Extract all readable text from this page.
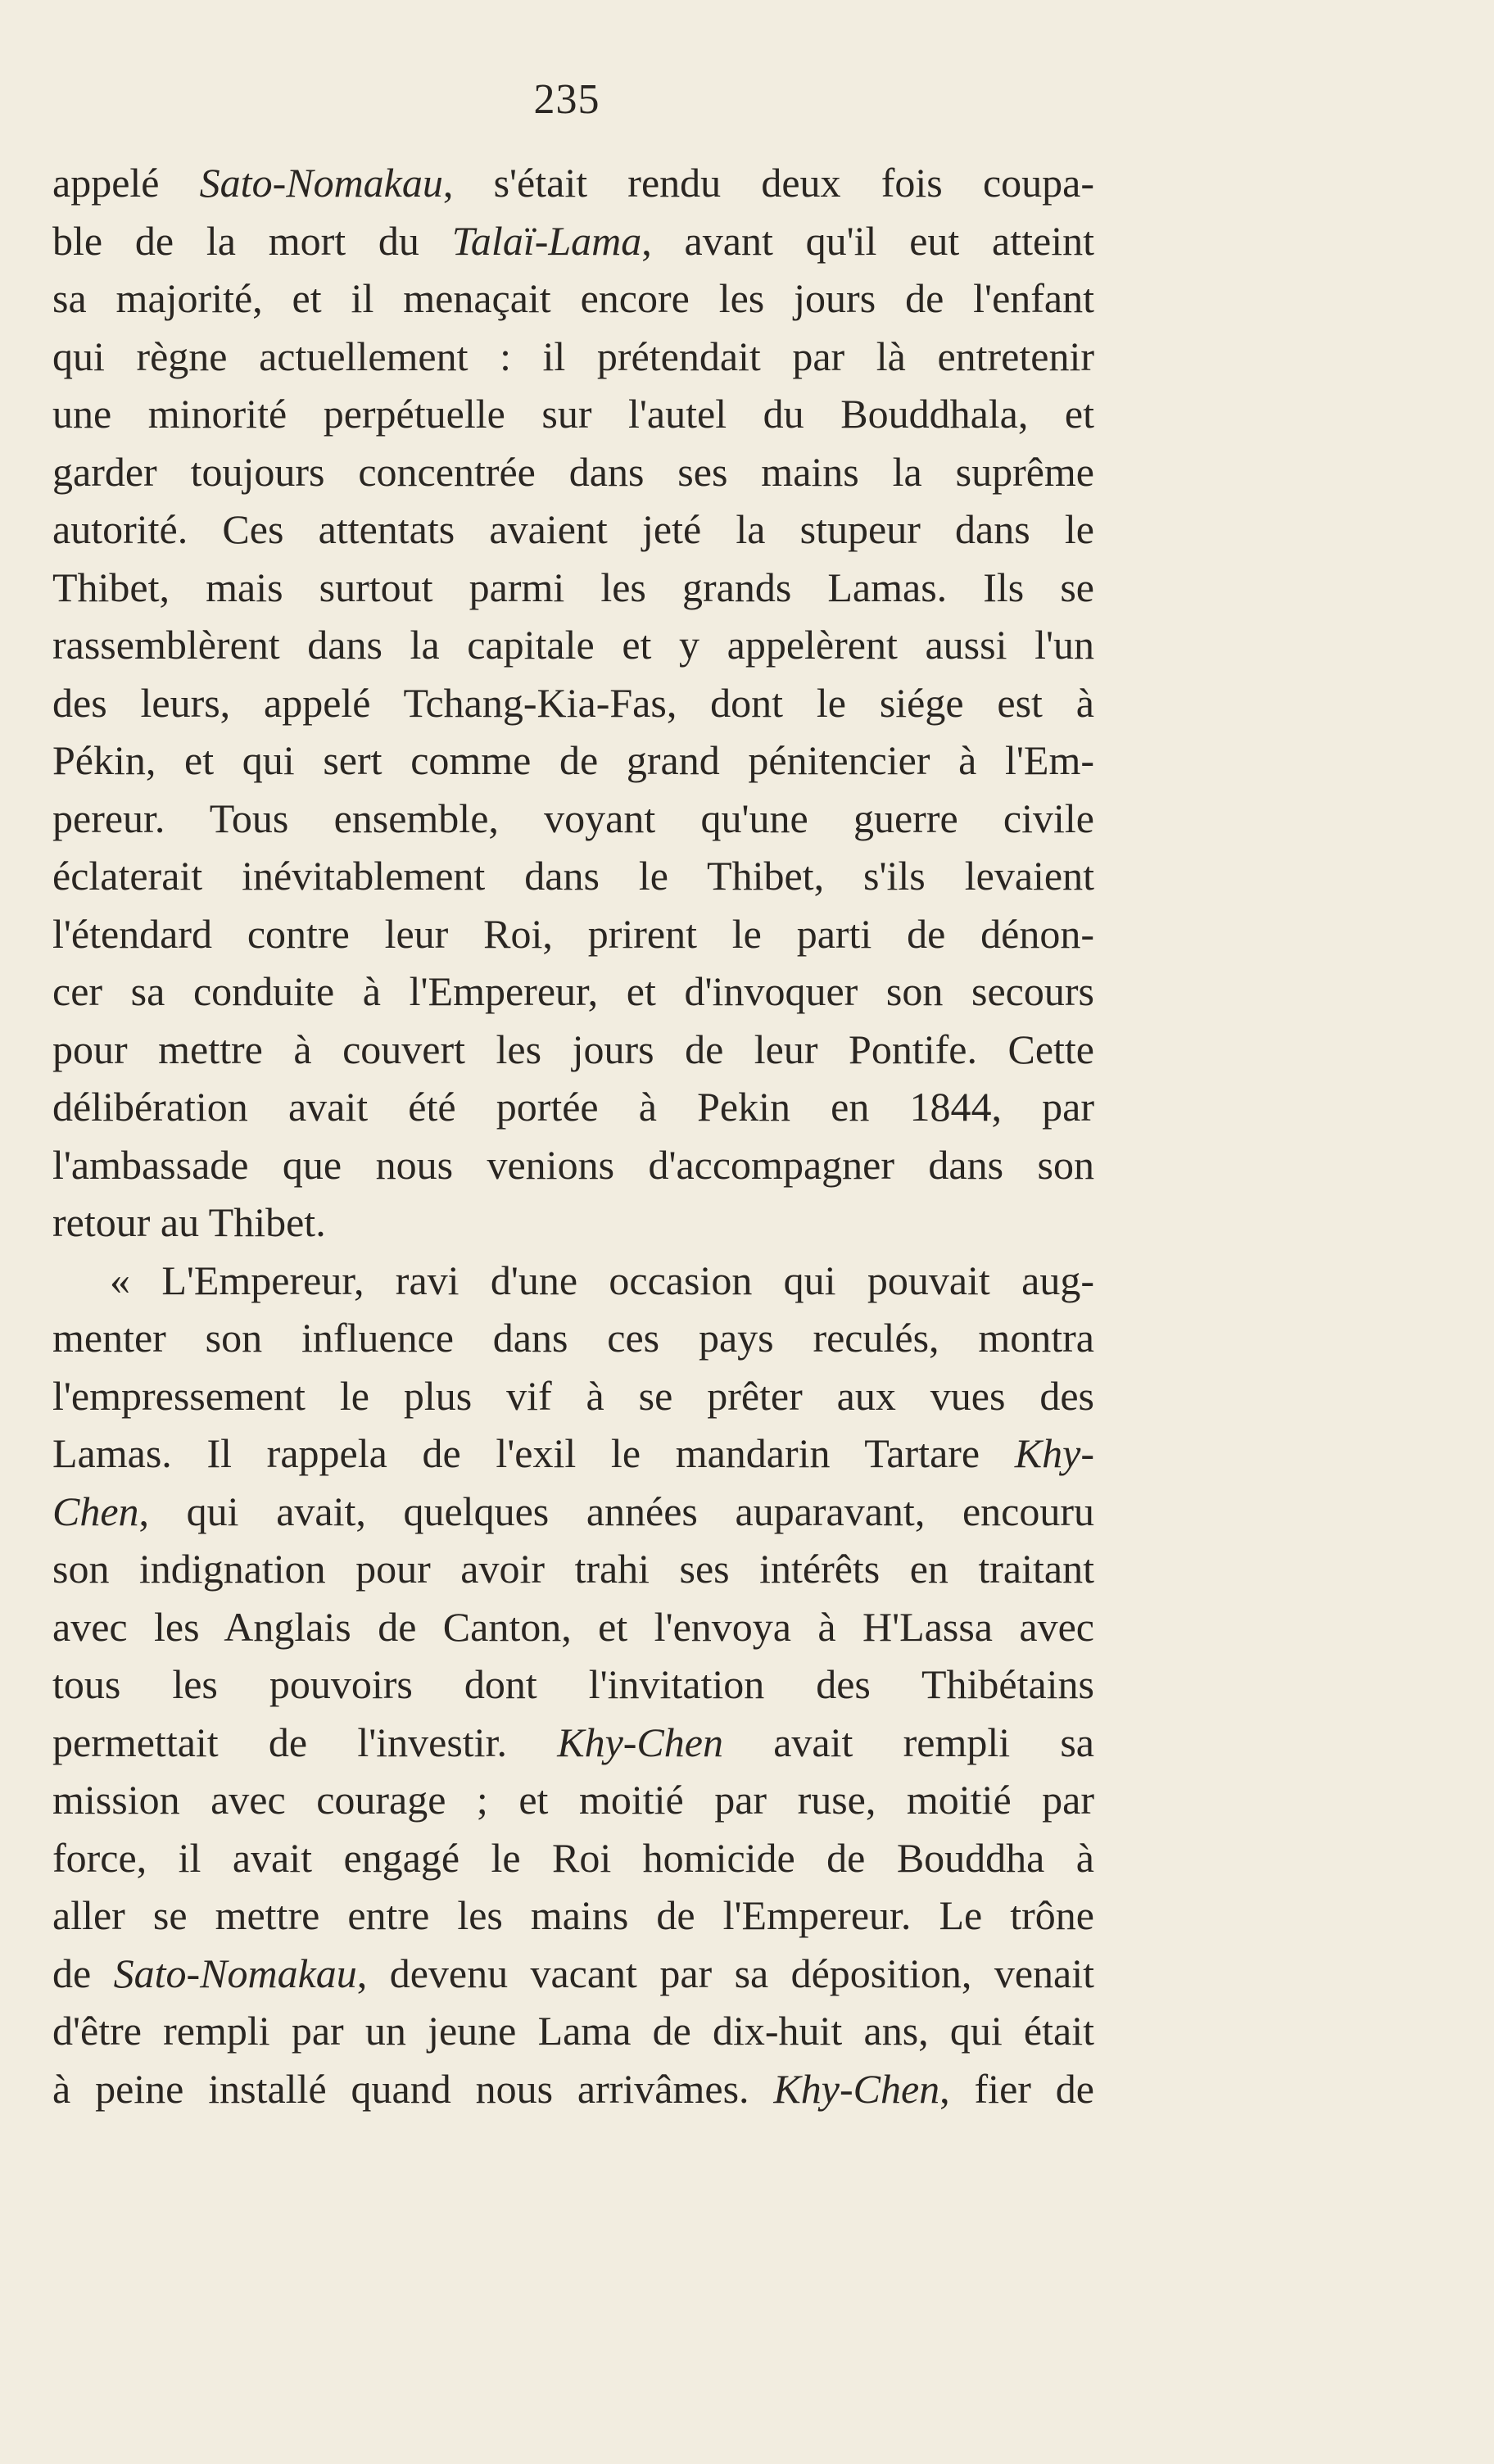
235
appelé Sato-Nomakau, s'était rendu deux fois coupa-
ble de la mort du Talaï-Lama, avant qu'il eut atteint
sa majorité, et il menaçait encore les jours de l'enfant
qui règne actuellement : il prétendait par là entretenir
une minorité perpétuelle sur l'autel du Bouddhala, et
garder toujours concentrée dans ses mains la suprême
autorité. Ces attentats avaient jeté la stupeur dans le
Thibet, mais surtout parmi les grands Lamas. Ils se
rassemblèrent dans la capitale et y appelèrent aussi l'un
des leurs, appelé Tchang-Kia-Fas, dont le siége est à
Pékin, et qui sert comme de grand pénitencier à l'Em-
pereur. Tous ensemble, voyant qu'une guerre civile
éclaterait inévitablement dans le Thibet, s'ils levaient
l'étendard contre leur Roi, prirent le parti de dénon-
cer sa conduite à l'Empereur, et d'invoquer son secours
pour mettre à couvert les jours de leur Pontife. Cette
délibération avait été portée à Pekin en 1844, par
l'ambassade que nous venions d'accompagner dans son
retour au Thibet.
« L'Empereur, ravi d'une occasion qui pouvait aug-
menter son influence dans ces pays reculés, montra
l'empressement le plus vif à se prêter aux vues des
Lamas. Il rappela de l'exil le mandarin Tartare Khy-
Chen, qui avait, quelques années auparavant, encouru
son indignation pour avoir trahi ses intérêts en traitant
avec les Anglais de Canton, et l'envoya à H'Lassa avec
tous les pouvoirs dont l'invitation des Thibétains
permettait de l'investir. Khy-Chen avait rempli sa
mission avec courage ; et moitié par ruse, moitié par
force, il avait engagé le Roi homicide de Bouddha à
aller se mettre entre les mains de l'Empereur. Le trône
de Sato-Nomakau, devenu vacant par sa déposition, venait
d'être rempli par un jeune Lama de dix-huit ans, qui était
à peine installé quand nous arrivâmes. Khy-Chen, fier de
